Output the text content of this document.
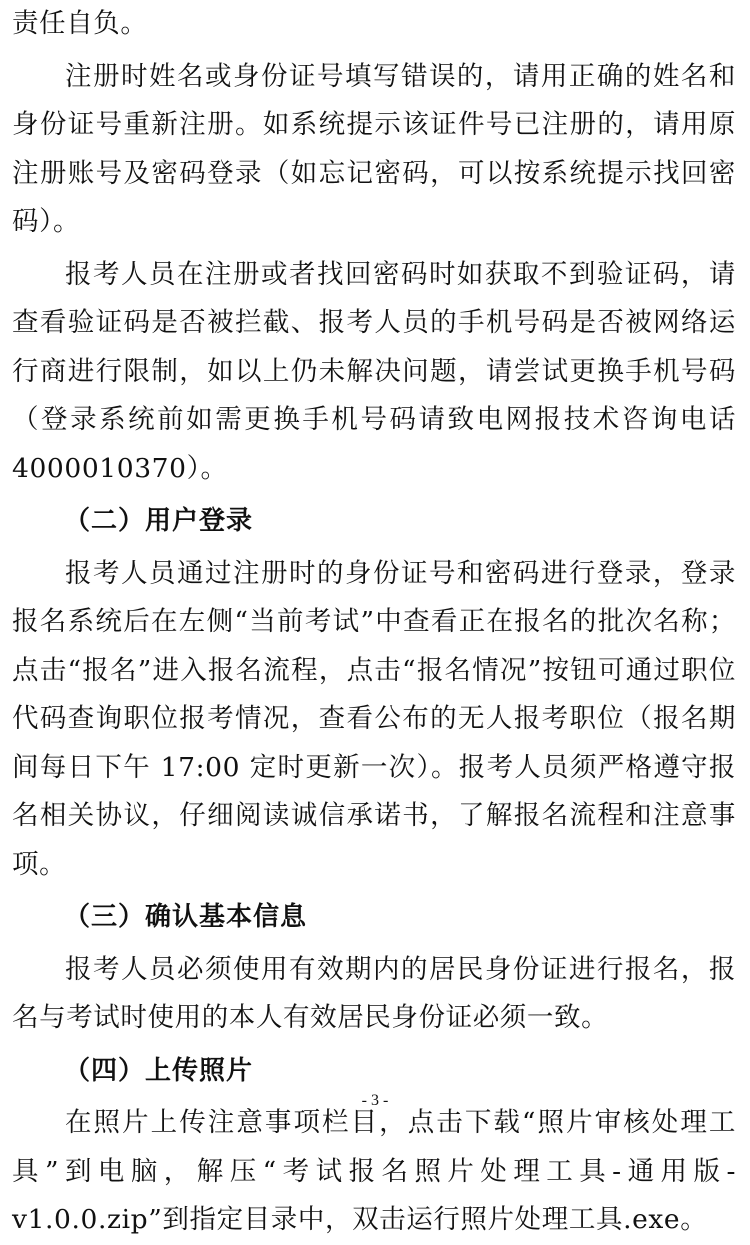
责任自负。

注册时姓名或身份证号填写错误的，请用正确的姓名和身份证号重新注册。如系统提示该证件号已注册的，请用原注册账号及密码登录（如忘记密码，可以按系统提示找回密码）。

报考人员在注册或者找回密码时如获取不到验证码，请查看验证码是否被拦截、报考人员的手机号码是否被网络运行商进行限制，如以上仍未解决问题，请尝试更换手机号码（登录系统前如需更换手机号码请致电网报技术咨询电话 4000010370）。

（二）用户登录

报考人员通过注册时的身份证号和密码进行登录，登录报名系统后在左侧“当前考试”中查看正在报名的批次名称；点击“报名”进入报名流程，点击“报名情况”按钮可通过职位代码查询职位报考情况，查看公布的无人报考职位（报名期间每日下午 17:00 定时更新一次）。报考人员须严格遵守报名相关协议，仔细阅读诚信承诺书，了解报名流程和注意事项。

（三）确认基本信息

报考人员必须使用有效期内的居民身份证进行报名，报名与考试时使用的本人有效居民身份证必须一致。

（四）上传照片

在照片上传注意事项栏目，点击下载“照片审核处理工具”到电脑，解压“考试报名照片处理工具-通用版-v1.0.0.zip”到指定目录中，双击运行照片处理工具.exe。

- 3 -
